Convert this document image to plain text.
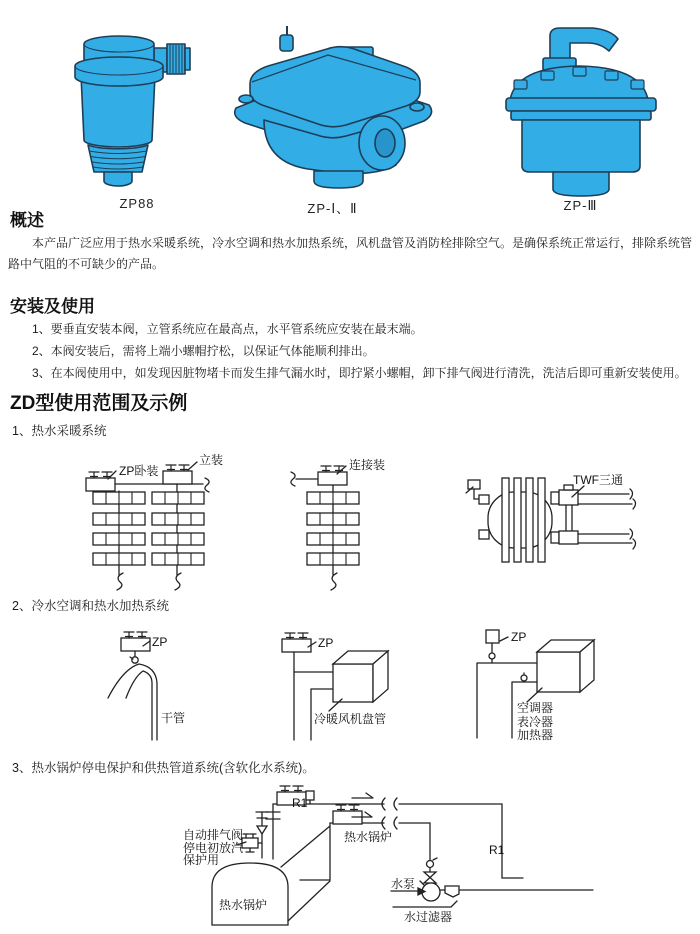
ZP88	ZP-Ⅰ、Ⅱ	ZP-Ⅲ
概述
本产品广泛应用于热水采暖系统，冷水空调和热水加热系统，风机盘管及消防栓排除空气。是确保系统正常运行，排除系统管路中气阻的不可缺少的产品。
安装及使用
1、要垂直安装本阀，立管系统应在最高点，水平管系统应安装在最末端。
2、本阀安装后，需将上端小螺帽拧松，以保证气体能顺利排出。
3、在本阀使用中，如发现因脏物堵卡而发生排气漏水时，即拧紧小螺帽，卸下排气阀进行清洗，洗洁后即可重新安装使用。
ZD型使用范围及示例
1、热水采暖系统
ZP卧装
立装	连接装
TWF三通
2、冷水空调和热水加热系统
ZP
干管
ZP
冷暖风机盘管
ZP
空调器
表冷器
加热器
3、热水锅炉停电保护和供热管道系统(含软化水系统)。
R1
自动排气阀
停电初放汽
保护用
热水锅炉
热水锅炉
R1
水泵
水过滤器
